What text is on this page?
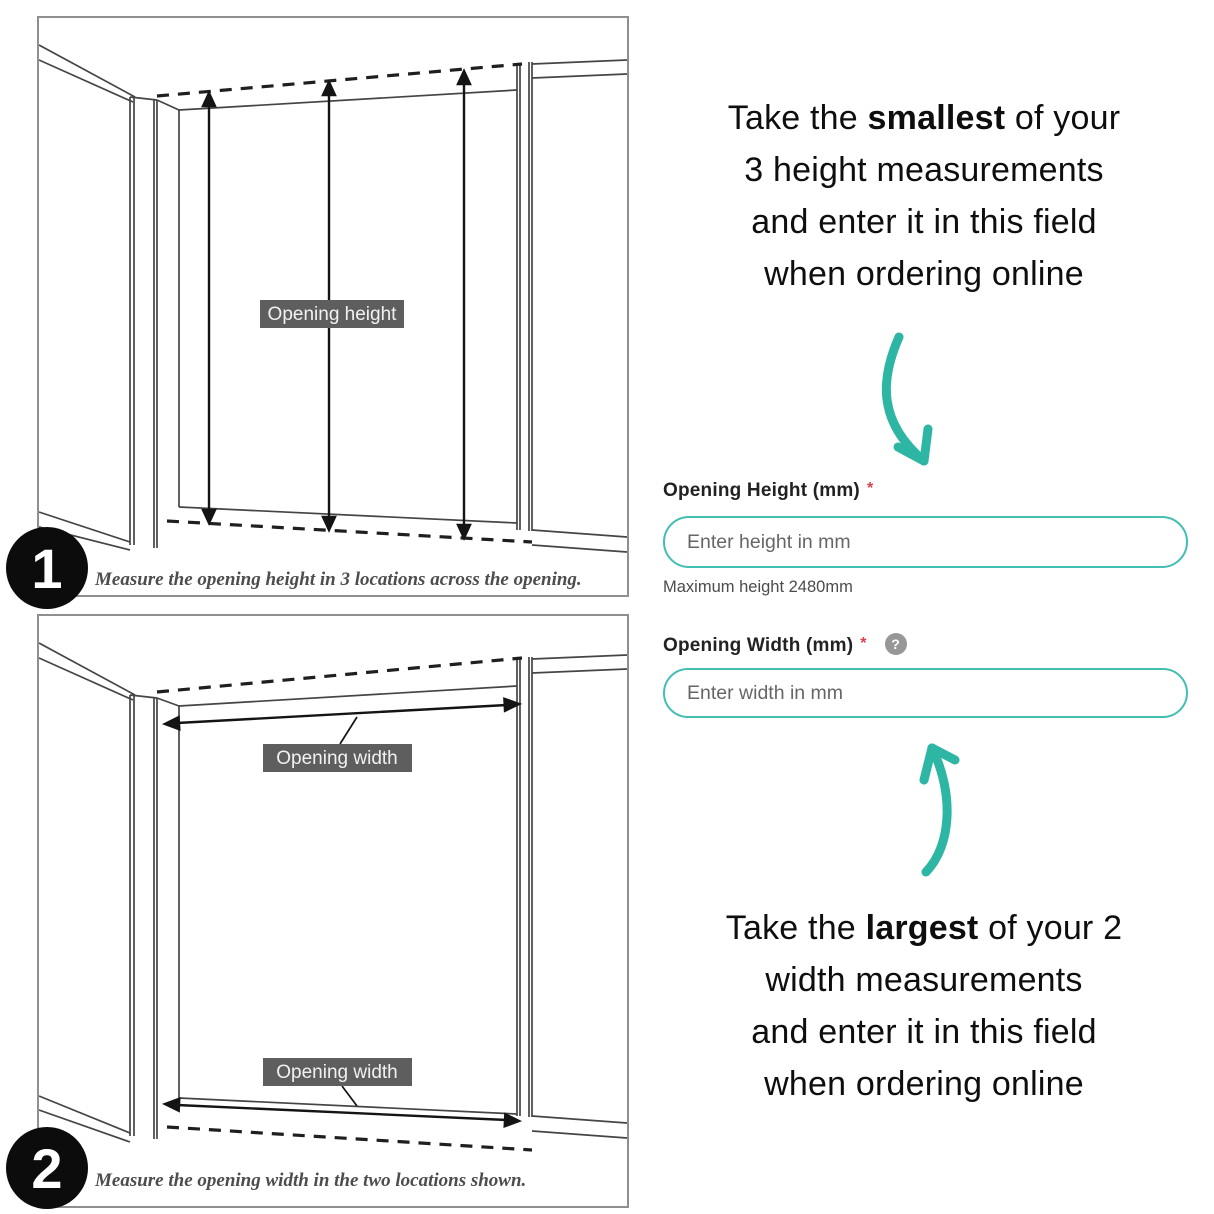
Opening height
Measure the opening height in 3 locations across the opening.
1
Opening width
Opening width
Measure the opening width in the two locations shown.
2
Take the smallest of your
3 height measurements
and enter it in this field
when ordering online
Opening Height (mm) *
Enter height in mm
Maximum height 2480mm
Opening Width (mm) * ?
Enter width in mm
Take the largest of your 2
width measurements
and enter it in this field
when ordering online
